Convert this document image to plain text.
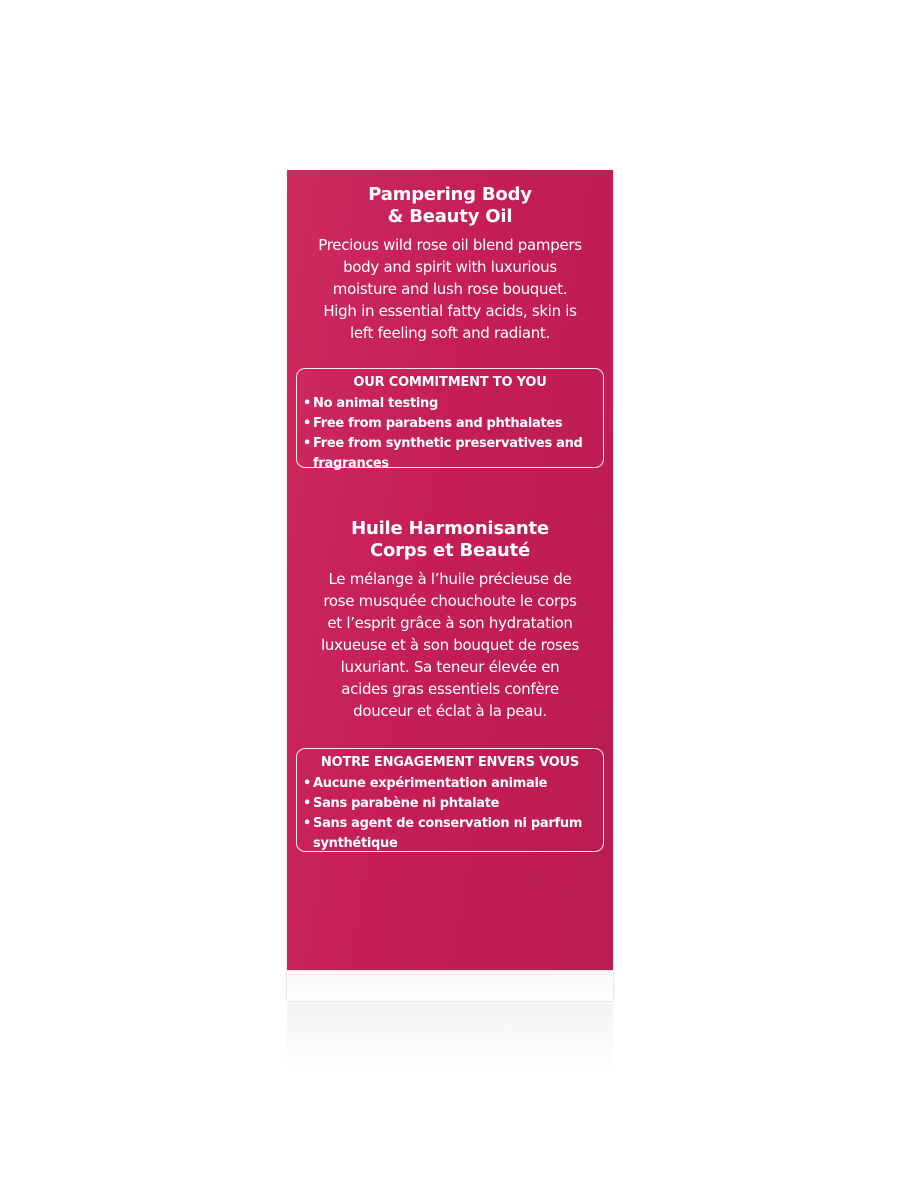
Pampering Body
& Beauty Oil

Precious wild rose oil blend pampers
body and spirit with luxurious
moisture and lush rose bouquet.
High in essential fatty acids, skin is
left feeling soft and radiant.

OUR COMMITMENT TO YOU
• No animal testing
• Free from parabens and phthalates
• Free from synthetic preservatives and fragrances
Huile Harmonisante
Corps et Beauté

Le mélange à l’huile précieuse de
rose musquée chouchoute le corps
et l’esprit grâce à son hydratation
luxueuse et à son bouquet de roses
luxuriant. Sa teneur élevée en
acides gras essentiels confère
douceur et éclat à la peau.

NOTRE ENGAGEMENT ENVERS VOUS
• Aucune expérimentation animale
• Sans parabène ni phtalate
• Sans agent de conservation ni parfum synthétique
